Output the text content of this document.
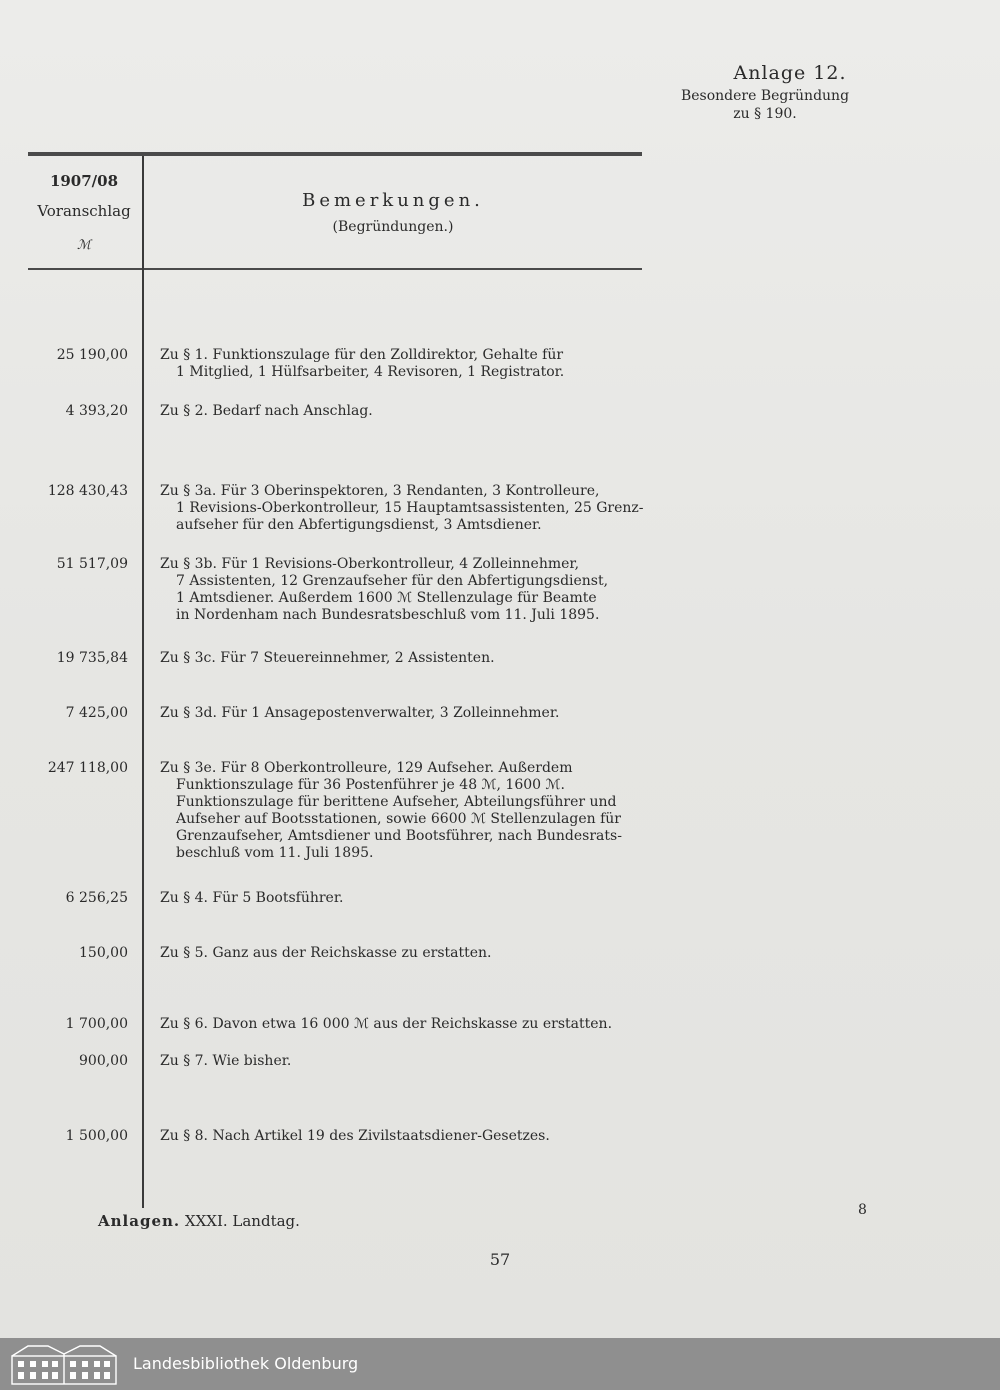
Anlage 12.
Besondere Begründung
zu § 190.
1907/08
Voranschlag
ℳ
Bemerkungen.
(Begründungen.)
25 190,00 Zu § 1. Funktionszulage für den Zolldirektor, Gehalte für
1 Mitglied, 1 Hülfsarbeiter, 4 Revisoren, 1 Registrator.
4 393,20 Zu § 2. Bedarf nach Anschlag.
128 430,43 Zu § 3a. Für 3 Oberinspektoren, 3 Rendanten, 3 Kontrolleure,
1 Revisions-Oberkontrolleur, 15 Hauptamtsassistenten, 25 Grenz-
aufseher für den Abfertigungsdienst, 3 Amtsdiener.
51 517,09 Zu § 3b. Für 1 Revisions-Oberkontrolleur, 4 Zolleinnehmer,
7 Assistenten, 12 Grenzaufseher für den Abfertigungsdienst,
1 Amtsdiener. Außerdem 1600 ℳ Stellenzulage für Beamte
in Nordenham nach Bundesratsbeschluß vom 11. Juli 1895.
19 735,84 Zu § 3c. Für 7 Steuereinnehmer, 2 Assistenten.
7 425,00 Zu § 3d. Für 1 Ansagepostenverwalter, 3 Zolleinnehmer.
247 118,00 Zu § 3e. Für 8 Oberkontrolleure, 129 Aufseher. Außerdem
Funktionszulage für 36 Postenführer je 48 ℳ, 1600 ℳ.
Funktionszulage für berittene Aufseher, Abteilungsführer und
Aufseher auf Bootsstationen, sowie 6600 ℳ Stellenzulagen für
Grenzaufseher, Amtsdiener und Bootsführer, nach Bundesrats-
beschluß vom 11. Juli 1895.
6 256,25 Zu § 4. Für 5 Bootsführer.
150,00 Zu § 5. Ganz aus der Reichskasse zu erstatten.
1 700,00 Zu § 6. Davon etwa 16 000 ℳ aus der Reichskasse zu erstatten.
900,00 Zu § 7. Wie bisher.
1 500,00 Zu § 8. Nach Artikel 19 des Zivilstaatsdiener-Gesetzes.
Anlagen. XXXI. Landtag.
8
57
Landesbibliothek Oldenburg
